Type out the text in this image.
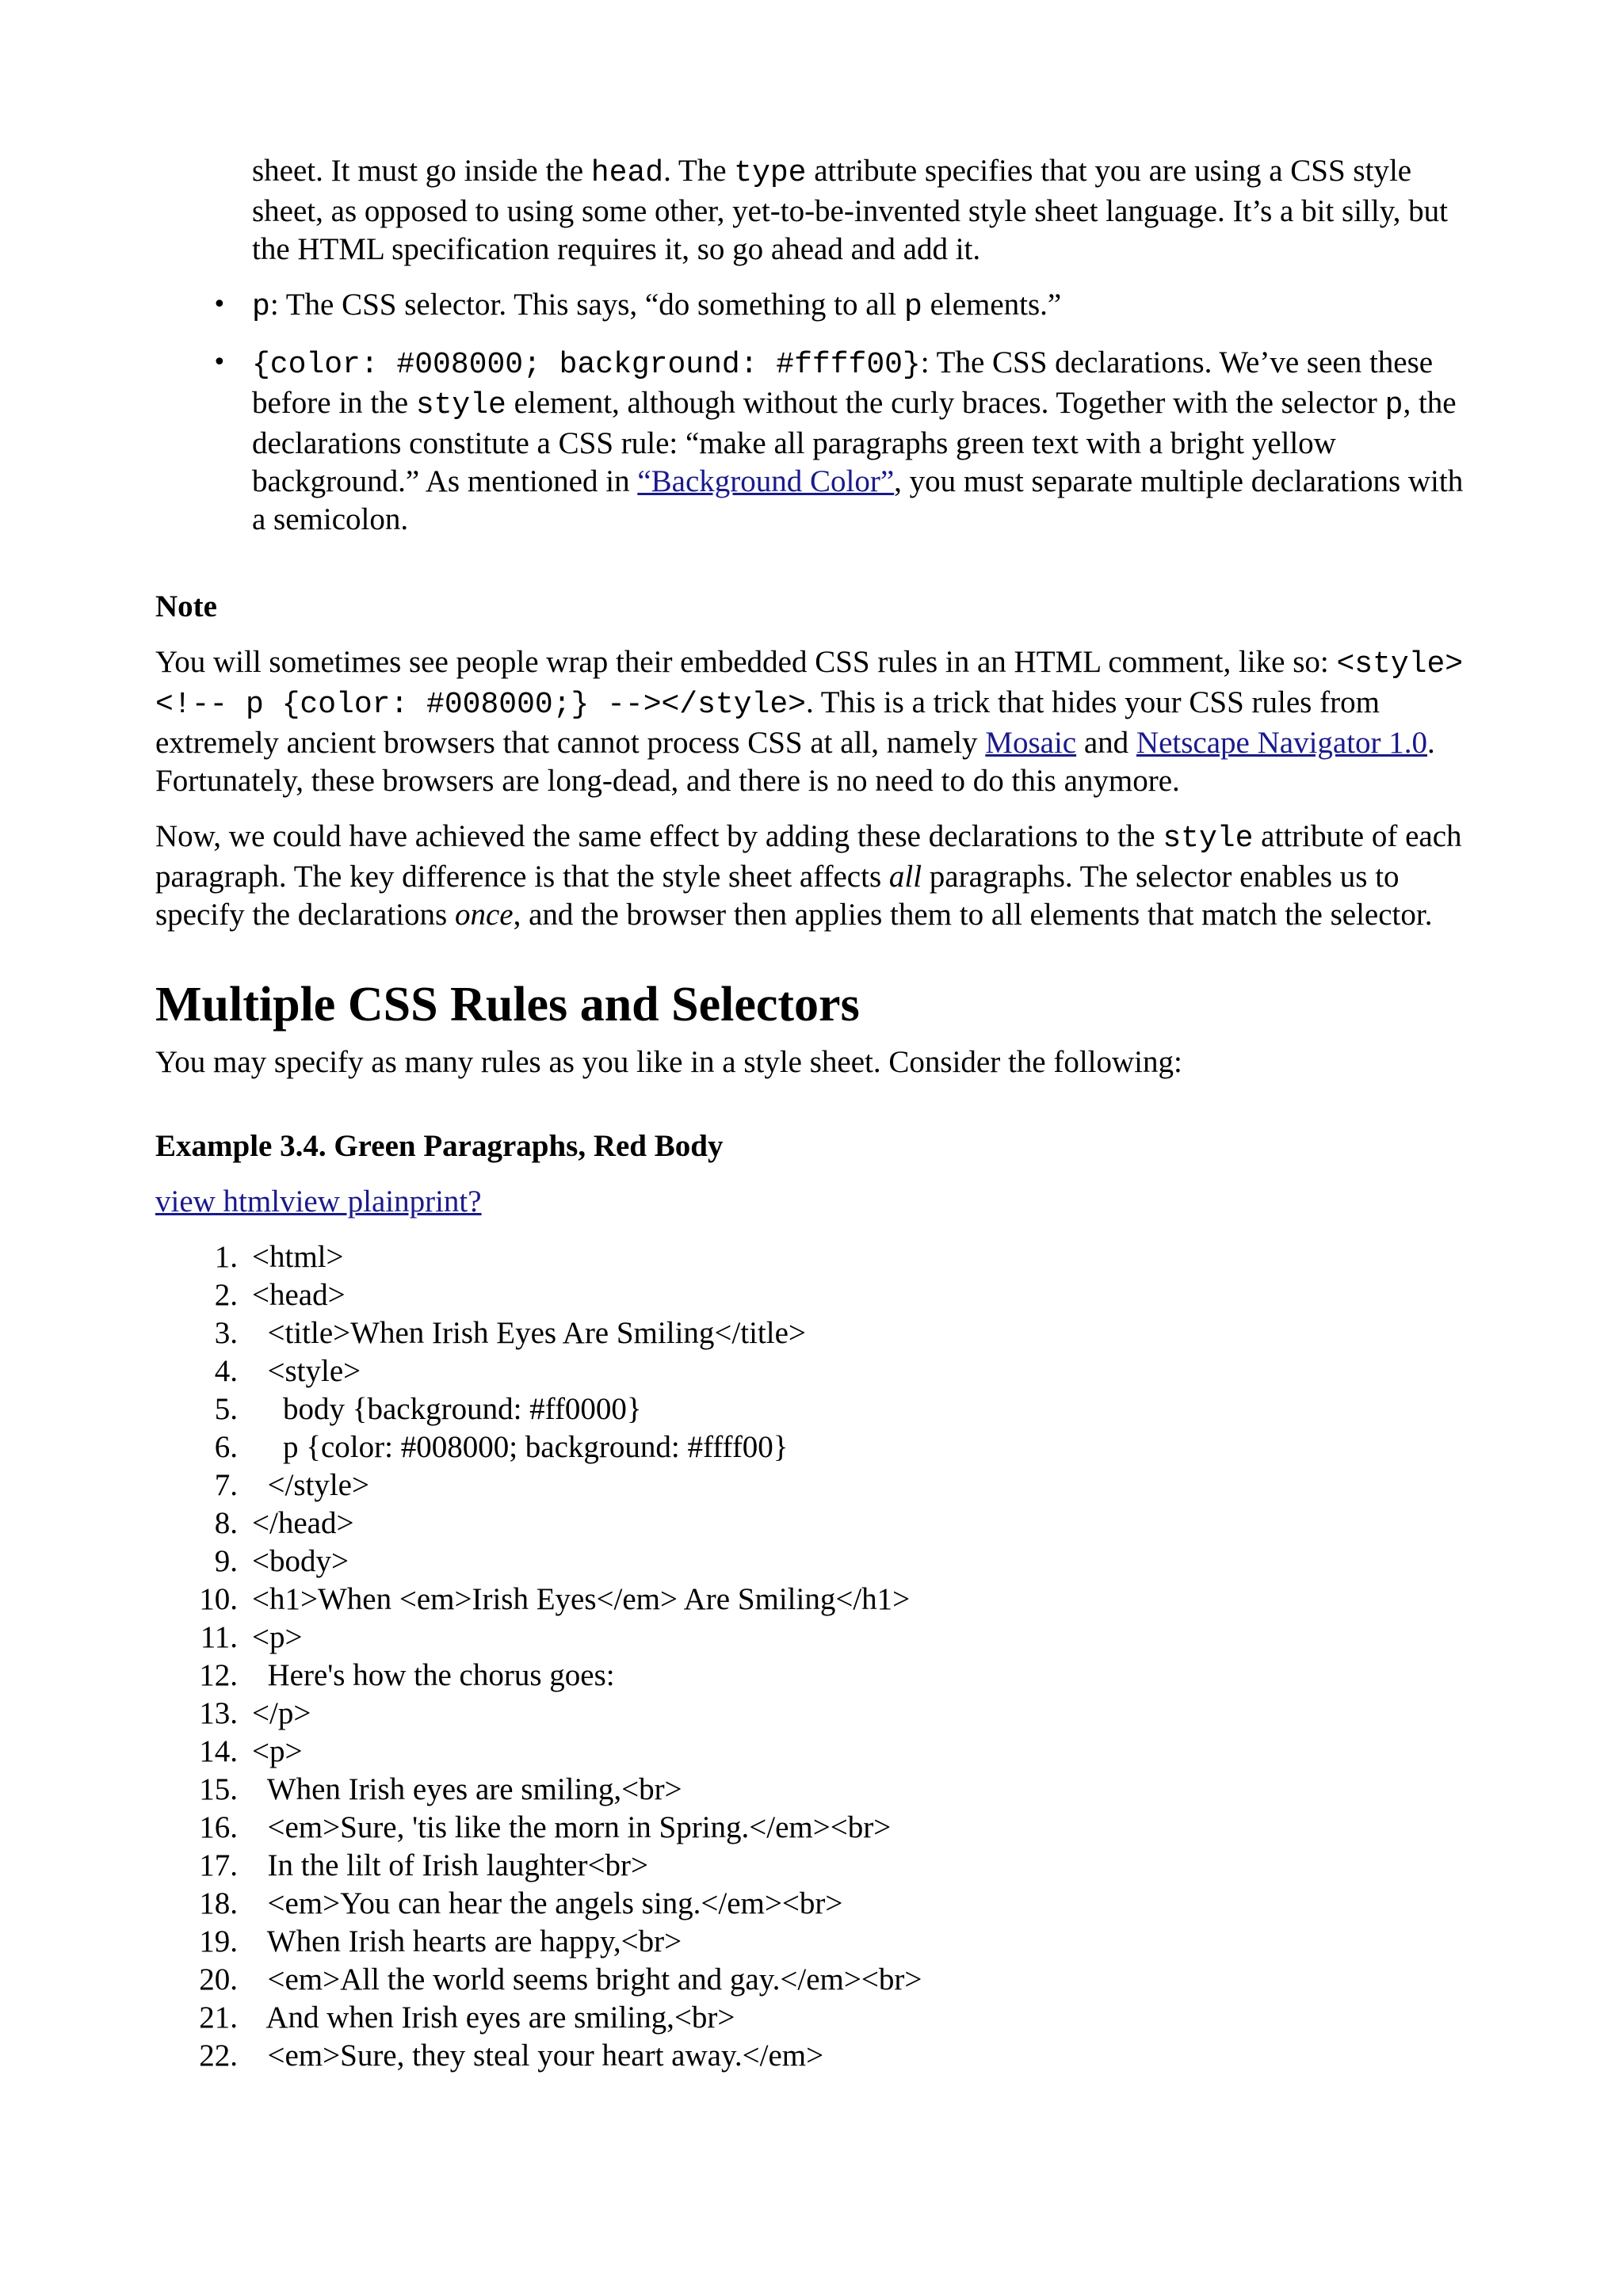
sheet. It must go inside the head. The type attribute specifies that you are using a CSS style sheet, as opposed to using some other, yet-to-be-invented style sheet language. It’s a bit silly, but the HTML specification requires it, so go ahead and add it.
• p: The CSS selector. This says, “do something to all p elements.”
• {color: #008000; background: #ffff00}: The CSS declarations. We’ve seen these before in the style element, although without the curly braces. Together with the selector p, the declarations constitute a CSS rule: “make all paragraphs green text with a bright yellow background.” As mentioned in “Background Color”, you must separate multiple declarations with a semicolon.
Note

You will sometimes see people wrap their embedded CSS rules in an HTML comment, like so: <style><!-- p {color: #008000;} --></style>. This is a trick that hides your CSS rules from extremely ancient browsers that cannot process CSS at all, namely Mosaic and Netscape Navigator 1.0. Fortunately, these browsers are long-dead, and there is no need to do this anymore.

Now, we could have achieved the same effect by adding these declarations to the style attribute of each paragraph. The key difference is that the style sheet affects all paragraphs. The selector enables us to specify the declarations once, and the browser then applies them to all elements that match the selector.

Multiple CSS Rules and Selectors

You may specify as many rules as you like in a style sheet. Consider the following:

Example 3.4. Green Paragraphs, Red Body
view htmlview plainprint?
1. <html>
2. <head>
3. <title>When Irish Eyes Are Smiling</title>
4. <style>
5. body {background: #ff0000}
6. p {color: #008000; background: #ffff00}
7. </style>
8. </head>
9. <body>
10. <h1>When <em>Irish Eyes</em> Are Smiling</h1>
11. <p>
12. Here's how the chorus goes:
13. </p>
14. <p>
15. When Irish eyes are smiling,<br>
16. <em>Sure, 'tis like the morn in Spring.</em><br>
17. In the lilt of Irish laughter<br>
18. <em>You can hear the angels sing.</em><br>
19. When Irish hearts are happy,<br>
20. <em>All the world seems bright and gay.</em><br>
21. And when Irish eyes are smiling,<br>
22. <em>Sure, they steal your heart away.</em>
